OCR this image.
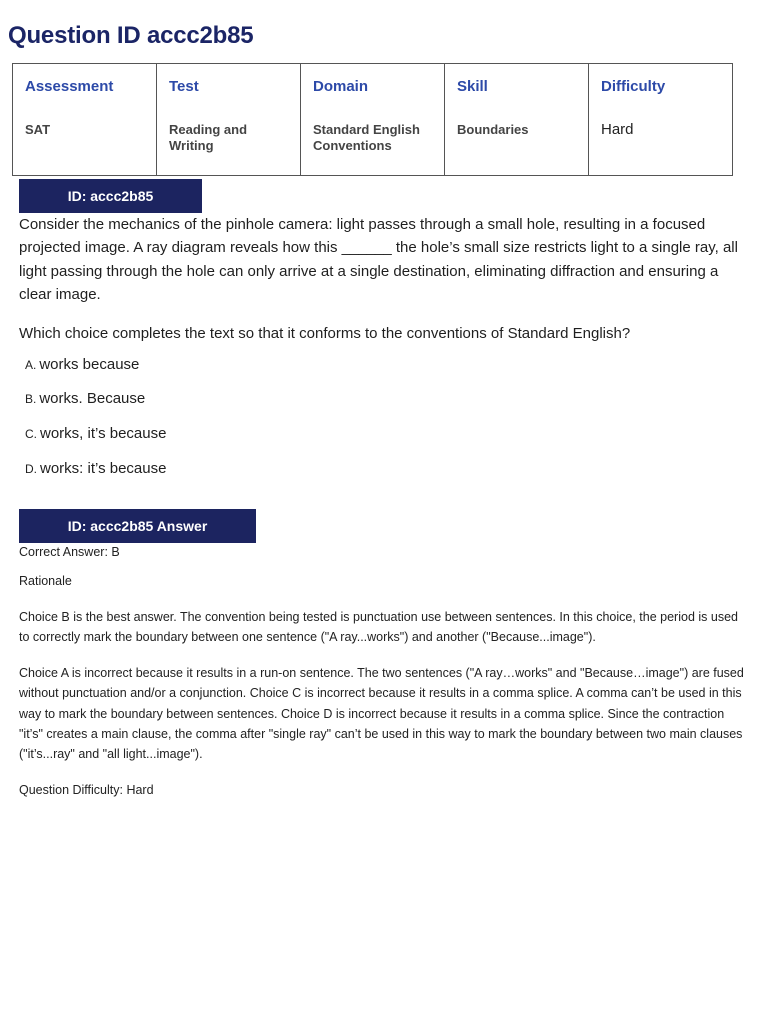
Question ID accc2b85
Assessment	Test	Domain	Skill	Difficulty
SAT	Reading and Writing	Standard English Conventions	Boundaries	Hard
ID: accc2b85

Consider the mechanics of the pinhole camera: light passes through a small hole, resulting in a focused projected image. A ray diagram reveals how this ______ the hole’s small size restricts light to a single ray, all light passing through the hole can only arrive at a single destination, eliminating diffraction and ensuring a clear image.

Which choice completes the text so that it conforms to the conventions of Standard English?

A. works because
B. works. Because
C. works, it’s because
D. works: it’s because
ID: accc2b85 Answer

Correct Answer: B

Rationale

Choice B is the best answer. The convention being tested is punctuation use between sentences. In this choice, the period is used to correctly mark the boundary between one sentence ("A ray...works") and another ("Because...image").

Choice A is incorrect because it results in a run-on sentence. The two sentences ("A ray…works" and "Because…image") are fused without punctuation and/or a conjunction. Choice C is incorrect because it results in a comma splice. A comma can’t be used in this way to mark the boundary between sentences. Choice D is incorrect because it results in a comma splice. Since the contraction "it’s" creates a main clause, the comma after "single ray" can’t be used in this way to mark the boundary between two main clauses ("it’s...ray" and "all light...image").

Question Difficulty: Hard
